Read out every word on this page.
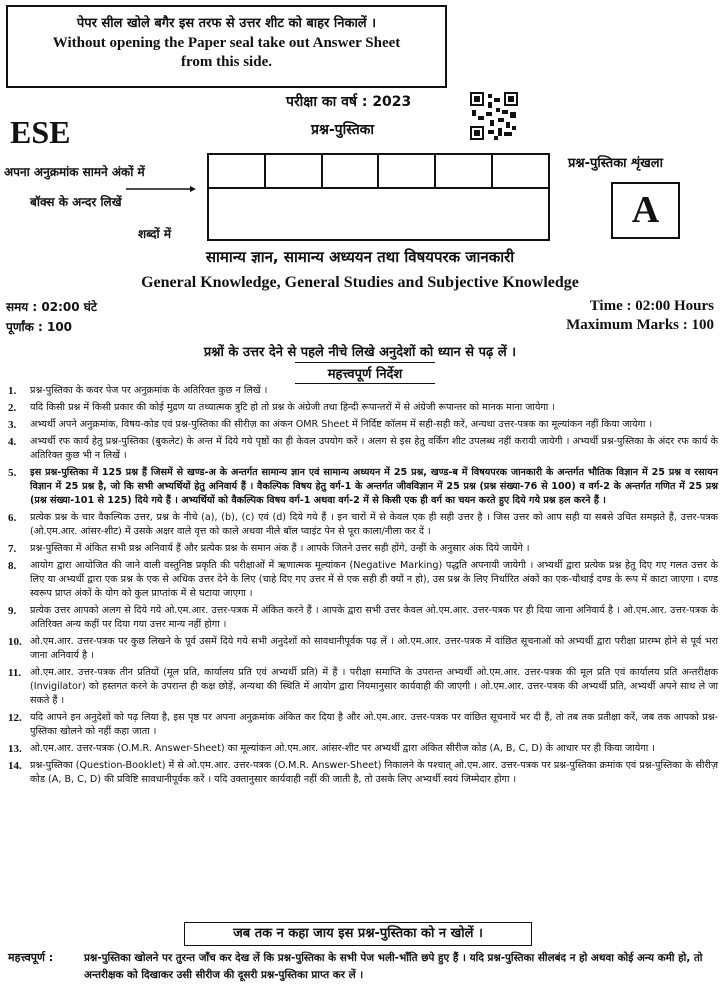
पेपर सील खोले बगैर इस तरफ से उत्तर शीट को बाहर निकालें ।
Without opening the Paper seal take out Answer Sheet
from this side.
ESE
परीक्षा का वर्ष : 2023
प्रश्न-पुस्तिका
अपना अनुक्रमांक सामने अंकों में
बॉक्स के अन्दर लिखें
शब्दों में
प्रश्न-पुस्तिका शृंखला
A
सामान्य ज्ञान, सामान्य अध्ययन तथा विषयपरक जानकारी
General Knowledge, General Studies and Subjective Knowledge
समय : 02:00 घंटे
पूर्णांक : 100
Time : 02:00 Hours
Maximum Marks : 100
प्रश्नों के उत्तर देने से पहले नीचे लिखे अनुदेशों को ध्यान से पढ़ लें ।
महत्त्वपूर्ण निर्देश
1.	प्रश्न-पुस्तिका के कवर पेज पर अनुक्रमांक के अतिरिक्त कुछ न लिखें ।
2.	यदि किसी प्रश्न में किसी प्रकार की कोई मुद्रण या तथ्यात्मक त्रुटि हो तो प्रश्न के अंग्रेजी तथा हिन्दी रूपान्तरों में से अंग्रेजी रूपान्तर को मानक माना जायेगा ।
3.	अभ्यर्थी अपने अनुक्रमांक, विषय-कोड एवं प्रश्न-पुस्तिका की सीरीज़ का अंकन OMR Sheet में निर्दिष्ट कॉलम में सही-सही करें, अन्यथा उत्तर-पत्रक का मूल्यांकन नहीं किया जायेगा ।
4.	अभ्यर्थी रफ कार्य हेतु प्रश्न-पुस्तिका (बुकलेट) के अन्त में दिये गये पृष्ठों का ही केवल उपयोग करें । अलग से इस हेतु वर्किंग शीट उपलब्ध नहीं करायी जायेगी । अभ्यर्थी प्रश्न-पुस्तिका के अंदर रफ कार्य के अतिरिक्त कुछ भी न लिखें ।
5.	इस प्रश्न-पुस्तिका में 125 प्रश्न हैं जिसमें से खण्ड-अ के अन्तर्गत सामान्य ज्ञान एवं सामान्य अध्ययन में 25 प्रश्न, खण्ड-ब में विषयपरक जानकारी के अन्तर्गत भौतिक विज्ञान में 25 प्रश्न व रसायन विज्ञान में 25 प्रश्न है, जो कि सभी अभ्यर्थियों हेतु अनिवार्य हैं । वैकल्पिक विषय हेतु वर्ग-1 के अन्तर्गत जीवविज्ञान में 25 प्रश्न (प्रश्न संख्या-76 से 100) व वर्ग-2 के अन्तर्गत गणित में 25 प्रश्न (प्रश्न संख्या-101 से 125) दिये गये हैं । अभ्यर्थियों को वैकल्पिक विषय वर्ग-1 अथवा वर्ग-2 में से किसी एक ही वर्ग का चयन करते हुए दिये गये प्रश्न हल करने हैं ।
6.	प्रत्येक प्रश्न के चार वैकल्पिक उत्तर, प्रश्न के नीचे (a), (b), (c) एवं (d) दिये गये हैं । इन चारों में से केवल एक ही सही उत्तर है । जिस उत्तर को आप सही या सबसे उचित समझते हैं, उत्तर-पत्रक (ओ.एम.आर. आंसर-शीट) में उसके अक्षर वाले वृत्त को काले अथवा नीले बॉल प्वाइंट पेन से पूरा काला/नीला कर दें ।
7.	प्रश्न-पुस्तिका में अंकित सभी प्रश्न अनिवार्य हैं और प्रत्येक प्रश्न के समान अंक हैं । आपके जितने उत्तर सही होंगे, उन्हीं के अनुसार अंक दिये जायेंगे ।
8.	आयोग द्वारा आयोजित की जाने वाली वस्तुनिष्ठ प्रकृति की परीक्षाओं में ऋणात्मक मूल्यांकन (Negative Marking) पद्धति अपनायी जायेगी । अभ्यर्थी द्वारा प्रत्येक प्रश्न हेतु दिए गए गलत उत्तर के लिए या अभ्यर्थी द्वारा एक प्रश्न के एक से अधिक उत्तर देने के लिए (चाहे दिए गए उत्तर में से एक सही ही क्यों न हो), उस प्रश्न के लिए निर्धारित अंकों का एक-चौथाई दण्ड के रूप में काटा जाएगा । दण्ड स्वरूप प्राप्त अंकों के योग को कुल प्राप्तांक में से घटाया जाएगा ।
9.	प्रत्येक उत्तर आपको अलग से दिये गये ओ.एम.आर. उत्तर-पत्रक में अंकित करने हैं । आपके द्वारा सभी उत्तर केवल ओ.एम.आर. उत्तर-पत्रक पर ही दिया जाना अनिवार्य है । ओ.एम.आर. उत्तर-पत्रक के अतिरिक्त अन्य कहीं पर दिया गया उत्तर मान्य नहीं होगा ।
10. ओ.एम.आर. उत्तर-पत्रक पर कुछ लिखने के पूर्व उसमें दिये गये सभी अनुदेशों को सावधानीपूर्वक पढ़ लें । ओ.एम.आर. उत्तर-पत्रक में वांछित सूचनाओं को अभ्यर्थी द्वारा परीक्षा प्रारम्भ होने से पूर्व भरा जाना अनिवार्य है ।
11. ओ.एम.आर. उत्तर-पत्रक तीन प्रतियों (मूल प्रति, कार्यालय प्रति एवं अभ्यर्थी प्रति) में हैं । परीक्षा समाप्ति के उपरान्त अभ्यर्थी ओ.एम.आर. उत्तर-पत्रक की मूल प्रति एवं कार्यालय प्रति अन्तरीक्षक (Invigilator) को हस्तगत करने के उपरान्त ही कक्ष छोड़ें, अन्यथा की स्थिति में आयोग द्वारा नियमानुसार कार्यवाही की जाएगी । ओ.एम.आर. उत्तर-पत्रक की अभ्यर्थी प्रति, अभ्यर्थी अपने साथ ले जा सकते हैं ।
12. यदि आपने इन अनुदेशों को पढ़ लिया है, इस पृष्ठ पर अपना अनुक्रमांक अंकित कर दिया है और ओ.एम.आर. उत्तर-पत्रक पर वांछित सूचनायें भर दी हैं, तो तब तक प्रतीक्षा करें, जब तक आपको प्रश्न-पुस्तिका खोलने को नहीं कहा जाता ।
13. ओ.एम.आर. उत्तर-पत्रक (O.M.R. Answer-Sheet) का मूल्यांकन ओ.एम.आर. आंसर-शीट पर अभ्यर्थी द्वारा अंकित सीरीज कोड (A, B, C, D) के आधार पर ही किया जायेगा ।
14. प्रश्न-पुस्तिका (Question-Booklet) में से ओ.एम.आर. उत्तर-पत्रक (O.M.R. Answer-Sheet) निकालने के पश्चात् ओ.एम.आर. उत्तर-पत्रक पर प्रश्न-पुस्तिका क्रमांक एवं प्रश्न-पुस्तिका के सीरीज़ कोड (A, B, C, D) की प्रविष्टि सावधानीपूर्वक करें । यदि उक्तानुसार कार्यवाही नहीं की जाती है, तो उसके लिए अभ्यर्थी स्वयं जिम्मेदार होगा ।
जब तक न कहा जाय इस प्रश्न-पुस्तिका को न खोलें ।
महत्त्वपूर्ण :	प्रश्न-पुस्तिका खोलने पर तुरन्त जाँच कर देख लें कि प्रश्न-पुस्तिका के सभी पेज भली-भाँति छपे हुए हैं । यदि प्रश्न-पुस्तिका सीलबंद न हो अथवा कोई अन्य कमी हो, तो अन्तरीक्षक को दिखाकर उसी सीरीज की दूसरी प्रश्न-पुस्तिका प्राप्त कर लें ।
